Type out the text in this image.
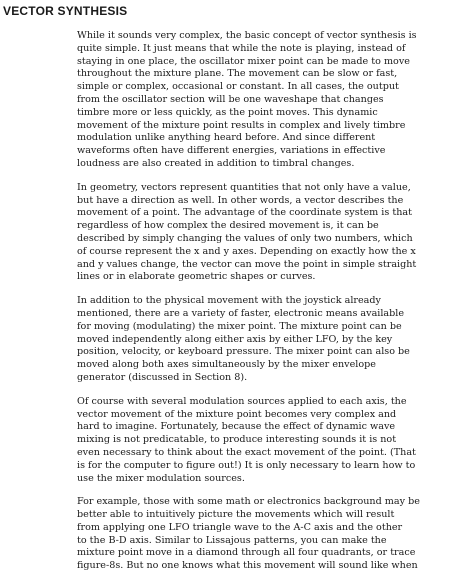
VECTOR SYNTHESIS

While it sounds very complex, the basic concept of vector synthesis is
quite simple. It just means that while the note is playing, instead of
staying in one place, the oscillator mixer point can be made to move
throughout the mixture plane. The movement can be slow or fast,
simple or complex, occasional or constant. In all cases, the output
from the oscillator section will be one waveshape that changes
timbre more or less quickly, as the point moves. This dynamic
movement of the mixture point results in complex and lively timbre
modulation unlike anything heard before. And since different
waveforms often have different energies, variations in effective
loudness are also created in addition to timbral changes.

In geometry, vectors represent quantities that not only have a value,
but have a direction as well. In other words, a vector describes the
movement of a point. The advantage of the coordinate system is that
regardless of how complex the desired movement is, it can be
described by simply changing the values of only two numbers, which
of course represent the x and y axes. Depending on exactly how the x
and y values change, the vector can move the point in simple straight
lines or in elaborate geometric shapes or curves.

In addition to the physical movement with the joystick already
mentioned, there are a variety of faster, electronic means available
for moving (modulating) the mixer point. The mixture point can be
moved independently along either axis by either LFO, by the key
position, velocity, or keyboard pressure. The mixer point can also be
moved along both axes simultaneously by the mixer envelope
generator (discussed in Section 8).

Of course with several modulation sources applied to each axis, the
vector movement of the mixture point becomes very complex and
hard to imagine. Fortunately, because the effect of dynamic wave
mixing is not predicatable, to produce interesting sounds it is not
even necessary to think about the exact movement of the point. (That
is for the computer to figure out!) It is only necessary to learn how to
use the mixer modulation sources.

For example, those with some math or electronics background may be
better able to intuitively picture the movements which will result
from applying one LFO triangle wave to the A-C axis and the other
to the B-D axis. Similar to Lissajous patterns, you can make the
mixture point move in a diamond through all four quadrants, or trace
figure-8s. But no one knows what this movement will sound like when
